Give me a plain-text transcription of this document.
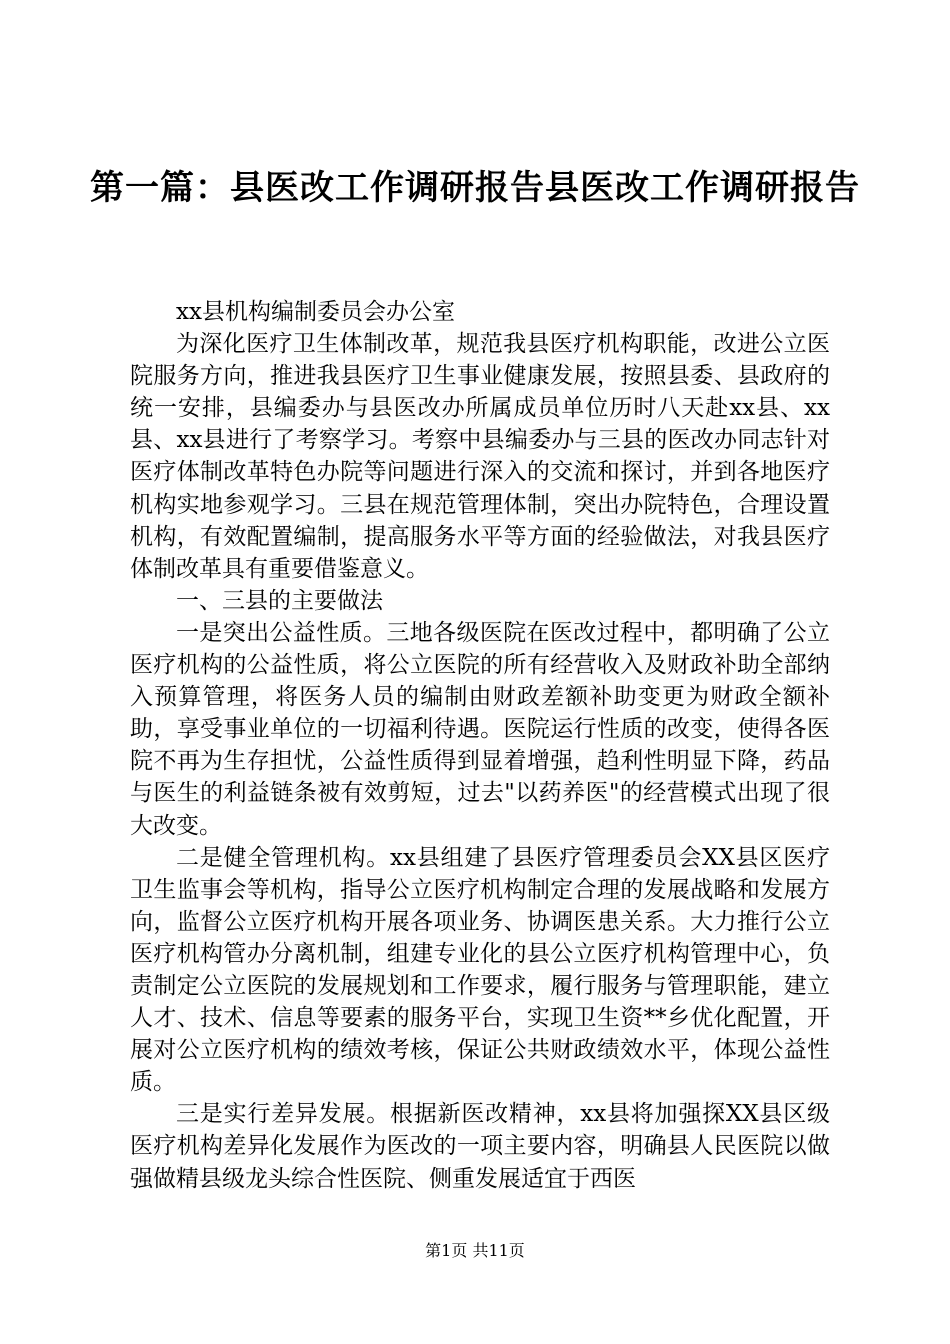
第一篇：县医改工作调研报告县医改工作调研报告

xx县机构编制委员会办公室

为深化医疗卫生体制改革，规范我县医疗机构职能，改进公立医院服务方向，推进我县医疗卫生事业健康发展，按照县委、县政府的统一安排，县编委办与县医改办所属成员单位历时八天赴xx县、xx县、xx县进行了考察学习。考察中县编委办与三县的医改办同志针对医疗体制改革特色办院等问题进行深入的交流和探讨，并到各地医疗机构实地参观学习。三县在规范管理体制，突出办院特色，合理设置机构，有效配置编制，提高服务水平等方面的经验做法，对我县医疗体制改革具有重要借鉴意义。

一、三县的主要做法

一是突出公益性质。三地各级医院在医改过程中，都明确了公立医疗机构的公益性质，将公立医院的所有经营收入及财政补助全部纳入预算管理，将医务人员的编制由财政差额补助变更为财政全额补助，享受事业单位的一切福利待遇。医院运行性质的改变，使得各医院不再为生存担忧，公益性质得到显着增强，趋利性明显下降，药品与医生的利益链条被有效剪短，过去"以药养医"的经营模式出现了很大改变。

二是健全管理机构。xx县组建了县医疗管理委员会XX县区医疗卫生监事会等机构，指导公立医疗机构制定合理的发展战略和发展方向，监督公立医疗机构开展各项业务、协调医患关系。大力推行公立医疗机构管办分离机制，组建专业化的县公立医疗机构管理中心，负责制定公立医院的发展规划和工作要求，履行服务与管理职能，建立人才、技术、信息等要素的服务平台，实现卫生资**乡优化配置，开展对公立医疗机构的绩效考核，保证公共财政绩效水平，体现公益性质。

三是实行差异发展。根据新医改精神，xx县将加强探XX县区级医疗机构差异化发展作为医改的一项主要内容，明确县人民医院以做强做精县级龙头综合性医院、侧重发展适宜于西医

第1页 共11页
